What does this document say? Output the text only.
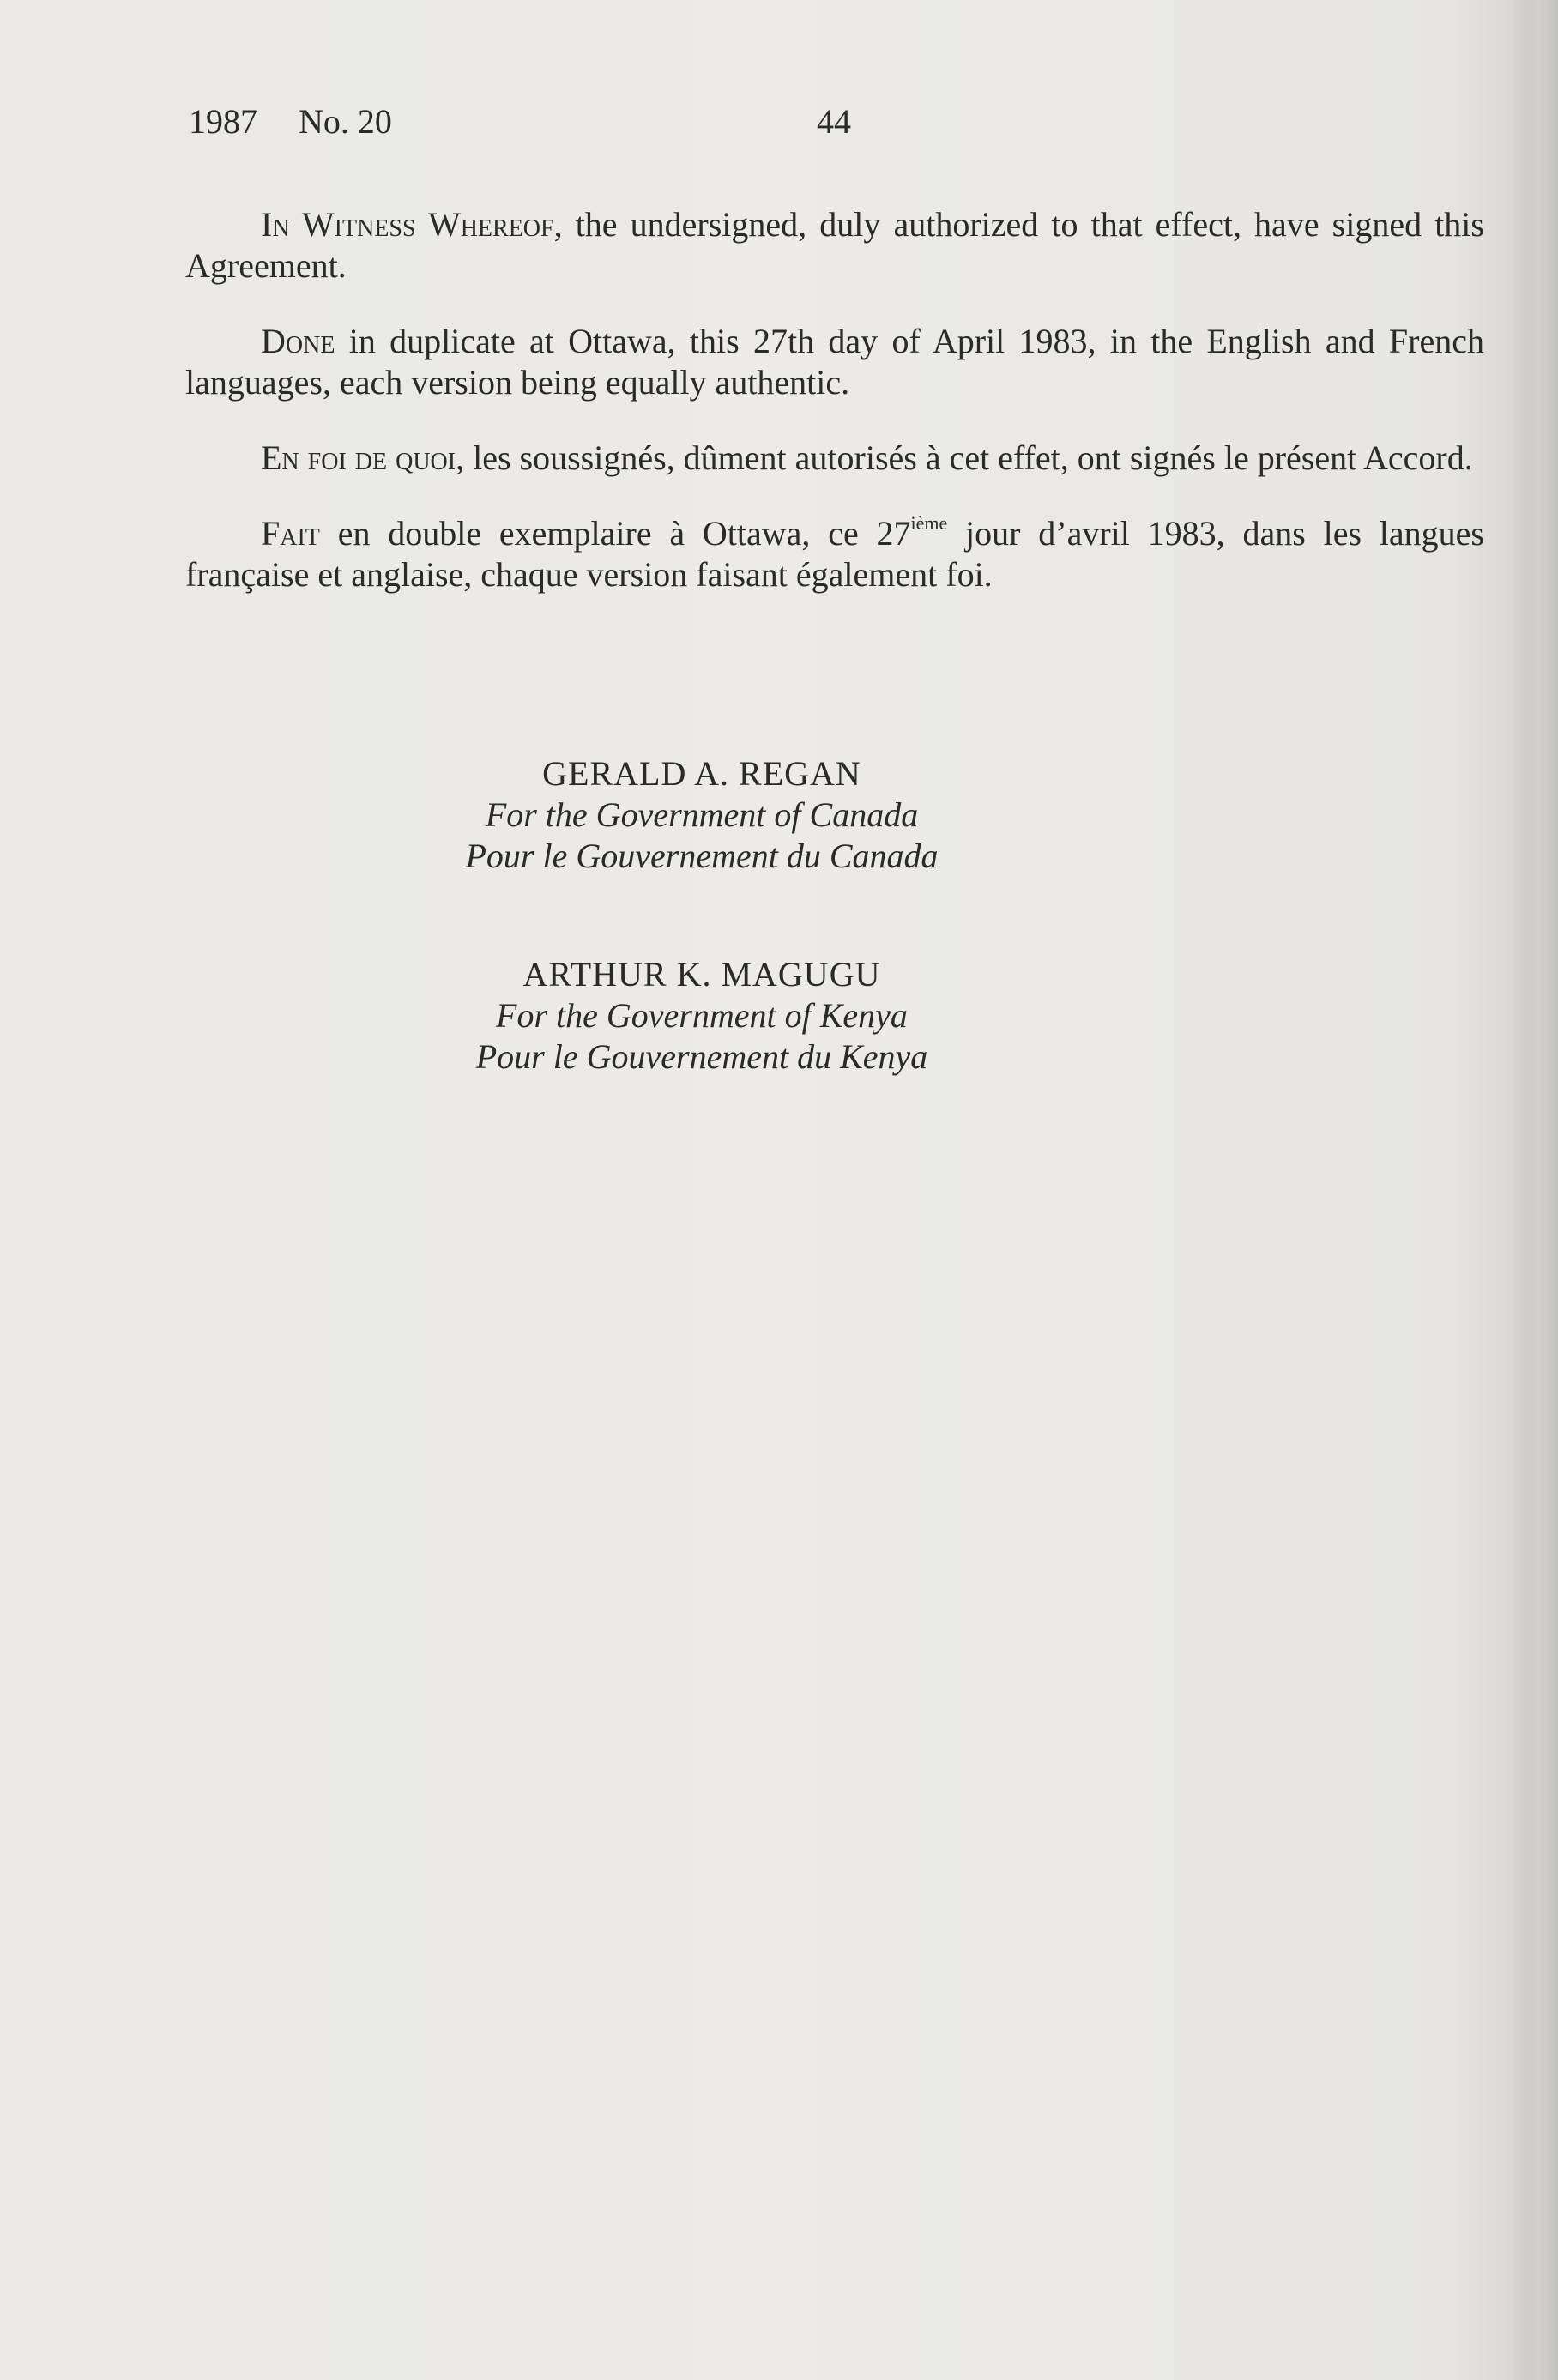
1987 No. 20	44

In Witness Whereof, the undersigned, duly authorized to that effect, have signed this Agreement.

Done in duplicate at Ottawa, this 27th day of April 1983, in the English and French languages, each version being equally authentic.

En foi de quoi, les soussignés, dûment autorisés à cet effet, ont signés le présent Accord.

Fait en double exemplaire à Ottawa, ce 27ième jour d’avril 1983, dans les langues française et anglaise, chaque version faisant également foi.

GERALD A. REGAN
For the Government of Canada
Pour le Gouvernement du Canada
ARTHUR K. MAGUGU
For the Government of Kenya
Pour le Gouvernement du Kenya
